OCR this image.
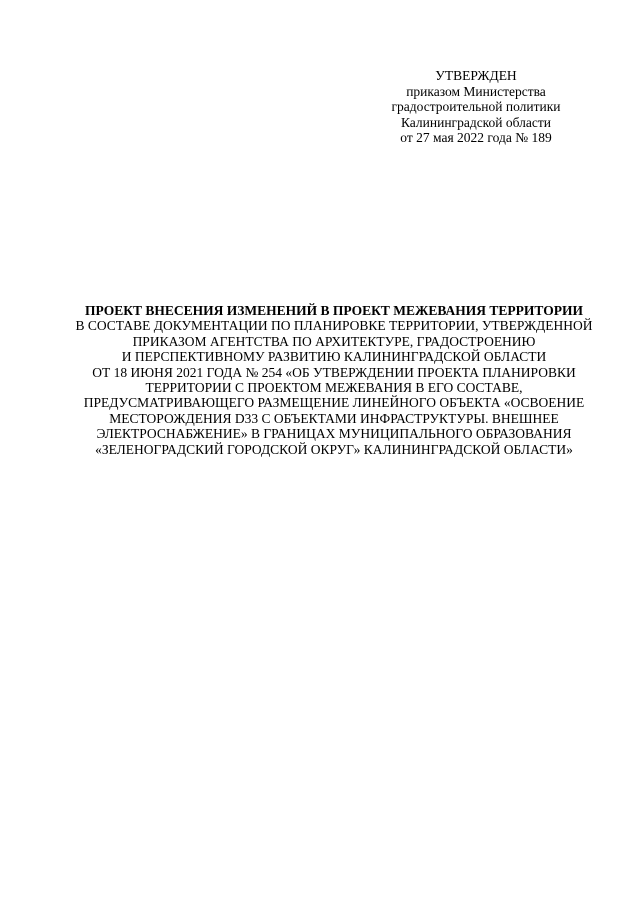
УТВЕРЖДЕН
приказом Министерства
градостроительной политики
Калининградской области
от 27 мая 2022 года № 189
ПРОЕКТ ВНЕСЕНИЯ ИЗМЕНЕНИЙ В ПРОЕКТ МЕЖЕВАНИЯ ТЕРРИТОРИИ
В СОСТАВЕ ДОКУМЕНТАЦИИ ПО ПЛАНИРОВКЕ ТЕРРИТОРИИ, УТВЕРЖДЕННОЙ
ПРИКАЗОМ АГЕНТСТВА ПО АРХИТЕКТУРЕ, ГРАДОСТРОЕНИЮ
И ПЕРСПЕКТИВНОМУ РАЗВИТИЮ КАЛИНИНГРАДСКОЙ ОБЛАСТИ
ОТ 18 ИЮНЯ 2021 ГОДА № 254 «ОБ УТВЕРЖДЕНИИ ПРОЕКТА ПЛАНИРОВКИ
ТЕРРИТОРИИ С ПРОЕКТОМ МЕЖЕВАНИЯ В ЕГО СОСТАВЕ,
ПРЕДУСМАТРИВАЮЩЕГО РАЗМЕЩЕНИЕ ЛИНЕЙНОГО ОБЪЕКТА «ОСВОЕНИЕ
МЕСТОРОЖДЕНИЯ D33 С ОБЪЕКТАМИ ИНФРАСТРУКТУРЫ. ВНЕШНЕЕ
ЭЛЕКТРОСНАБЖЕНИЕ» В ГРАНИЦАХ МУНИЦИПАЛЬНОГО ОБРАЗОВАНИЯ
«ЗЕЛЕНОГРАДСКИЙ ГОРОДСКОЙ ОКРУГ» КАЛИНИНГРАДСКОЙ ОБЛАСТИ»
